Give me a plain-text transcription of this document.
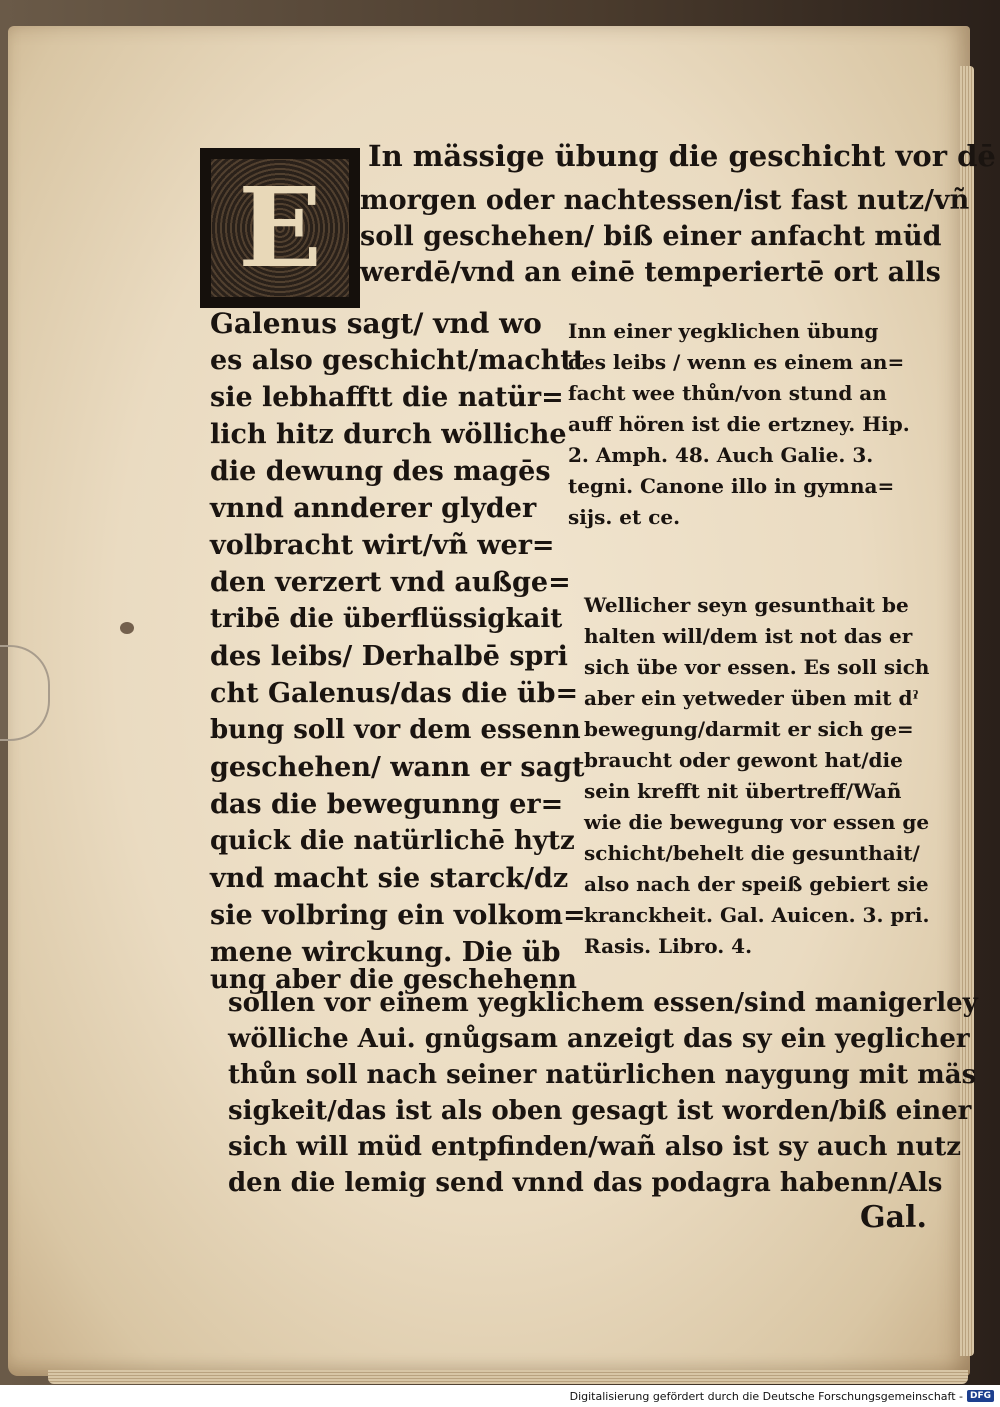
E
In mässige übung die geschicht vor dē
morgen oder nachtessen/ist fast nutz/vñ
soll geschehen/ biß einer anfacht müd
werdē/vnd an einē temperiertē ort alls
Galenus sagt/ vnd wo
es also geschicht/machtt
sie lebhafftt die natür=
lich hitz durch wölliche
die dewung des magēs
vnnd annderer glyder
volbracht wirt/vñ wer=
den verzert vnd außge=
tribē die überflüssigkait
des leibs/ Derhalbē spri
cht Galenus/das die üb=
bung soll vor dem essenn
geschehen/ wann er sagt
das die bewegunng er=
quick die natürlichē hytz
vnd macht sie starck/dz
sie volbring ein volkom=
mene wirckung. Die üb
ung aber die geschehenn
Inn einer yegklichen übung
des leibs / wenn es einem an=
facht wee thůn/von stund an
auff hören ist die ertzney. Hip.
2. Amph. 48. Auch Galie. 3.
tegni. Canone illo in gymna=
sijs. et ce.
Wellicher seyn gesunthait be
halten will/dem ist not das er
sich übe vor essen. Es soll sich
aber ein yetweder üben mit dˀ
bewegung/darmit er sich ge=
braucht oder gewont hat/die
sein krefft nit übertreff/Wañ
wie die bewegung vor essen ge
schicht/behelt die gesunthait/
also nach der speiß gebiert sie
kranckheit. Gal. Auicen. 3. pri.
Rasis. Libro. 4.
sollen vor einem yegklichem essen/sind manigerley
wölliche Aui. gnůgsam anzeigt das sy ein yeglicher
thůn soll nach seiner natürlichen naygung mit mäs
sigkeit/das ist als oben gesagt ist worden/biß einer
sich will müd entpfinden/wañ also ist sy auch nutz
den die lemig send vnnd das podagra habenn/Als
Gal.
Digitalisierung gefördert durch die Deutsche Forschungsgemeinschaft - DFG
